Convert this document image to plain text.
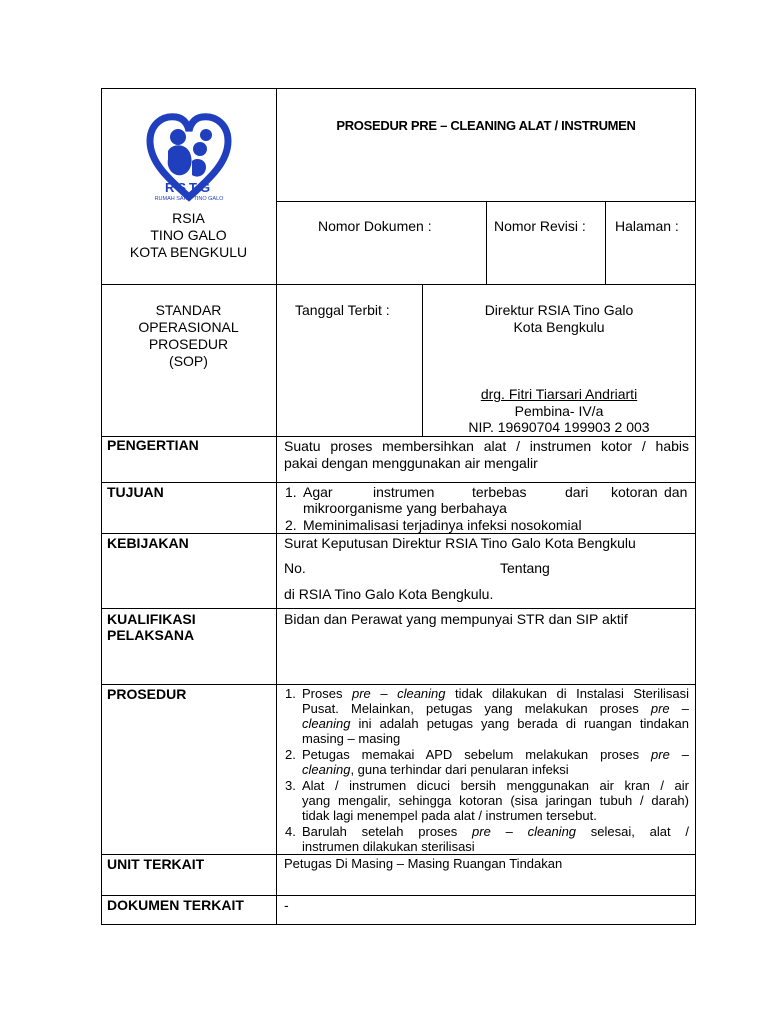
RSTG
RUMAH SAKIT TINO GALO
RSIA
TINO GALO
KOTA BENGKULU
PROSEDUR PRE – CLEANING ALAT / INSTRUMEN
Nomor Dokumen :	Nomor Revisi : Halaman :
STANDAR
OPERASIONAL
PROSEDUR
(SOP)
Tanggal Terbit :	Direktur RSIA Tino Galo
Kota Bengkulu
drg. Fitri Tiarsari Andriarti
Pembina- IV/a
NIP. 19690704 199903 2 003
PENGERTIAN	Suatu proses membersihkan alat / instrumen kotor / habis
pakai dengan menggunakan air mengalir
TUJUAN	1. Agar	instrumen	terbebas	dari kotoran dan
mikroorganisme yang berbahaya
2. Meminimalisasi terjadinya infeksi nosokomial
KEBIJAKAN	Surat Keputusan Direktur RSIA Tino Galo Kota Bengkulu
No.	Tentang
di RSIA Tino Galo Kota Bengkulu.
KUALIFIKASI
PELAKSANA
Bidan dan Perawat yang mempunyai STR dan SIP aktif
PROSEDUR	1. Proses pre – cleaning tidak dilakukan di Instalasi Sterilisasi
Pusat. Melainkan, petugas yang melakukan proses pre –
cleaning ini adalah petugas yang berada di ruangan tindakan
masing – masing
2. Petugas memakai APD sebelum melakukan proses pre –
cleaning, guna terhindar dari penularan infeksi
3. Alat / instrumen dicuci bersih menggunakan air kran / air
yang mengalir, sehingga kotoran (sisa jaringan tubuh / darah)
tidak lagi menempel pada alat / instrumen tersebut.
4. Barulah setelah proses pre – cleaning selesai, alat /
instrumen dilakukan sterilisasi
UNIT TERKAIT	Petugas Di Masing – Masing Ruangan Tindakan
DOKUMEN TERKAIT	-
